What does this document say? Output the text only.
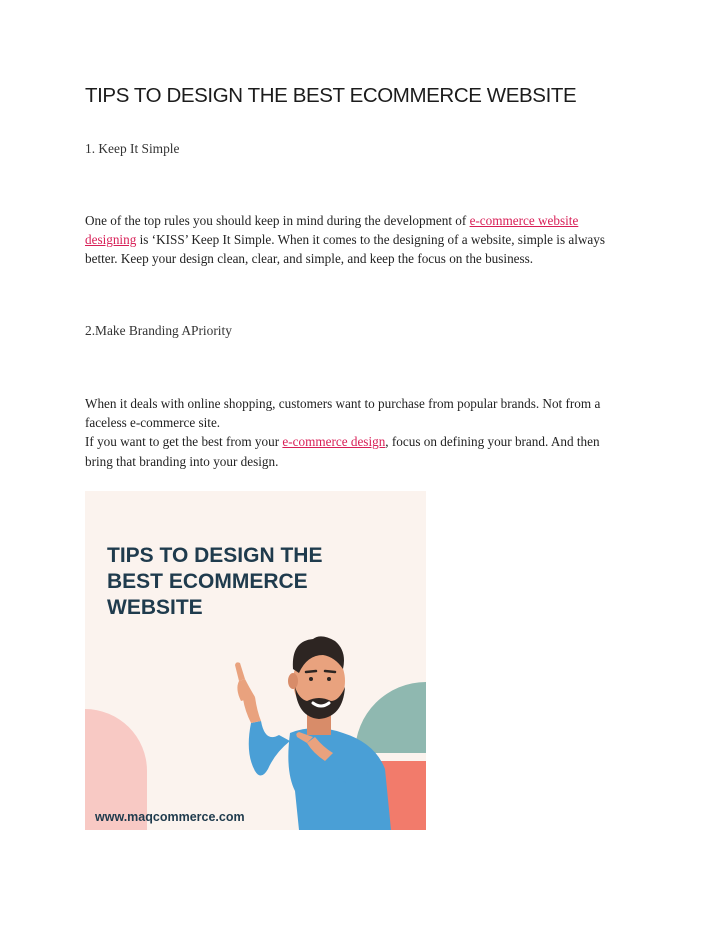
TIPS TO DESIGN THE BEST ECOMMERCE WEBSITE
1. Keep It Simple

One of the top rules you should keep in mind during the development of e-commerce website designing is ‘KISS’ Keep It Simple. When it comes to the designing of a website, simple is always better. Keep your design clean, clear, and simple, and keep the focus on the business.

2.Make Branding APriority

When it deals with online shopping, customers want to purchase from popular brands. Not from a faceless e-commerce site.
If you want to get the best from your e-commerce design, focus on defining your brand. And then bring that branding into your design.

TIPS TO DESIGN THE
BEST ECOMMERCE
WEBSITE
www.maqcommerce.com
